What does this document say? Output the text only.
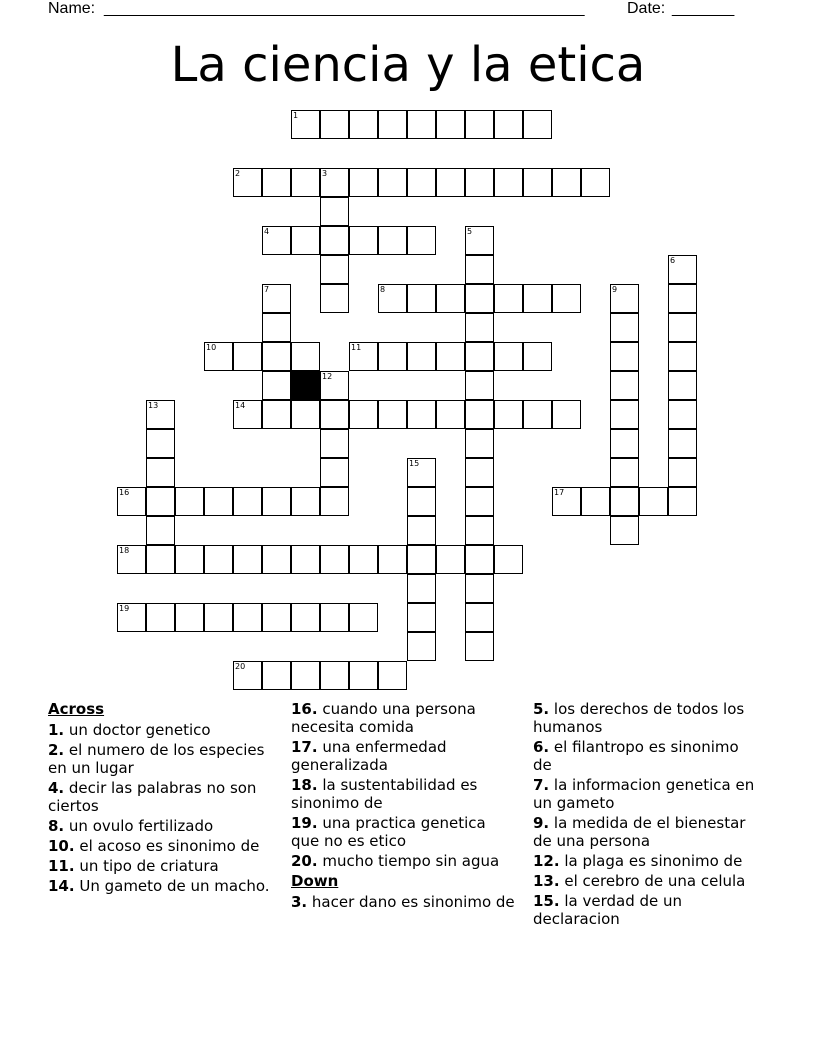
Name: ______________________________________________________	Date: _______
La ciencia y la etica
1
2	3
4
8
10	11
14
16	17
18
19
20
5
6
7	9
12
13
15
Across
1. un doctor genetico
2. el numero de los especies en un lugar
4. decir las palabras no son ciertos
8. un ovulo fertilizado
10. el acoso es sinonimo de
11. un tipo de criatura
14. Un gameto de un macho.
16. cuando una persona necesita comida
17. una enfermedad generalizada
18. la sustentabilidad es sinonimo de
19. una practica genetica que no es etico
20. mucho tiempo sin agua
Down
3. hacer dano es sinonimo de
5. los derechos de todos los humanos
6. el filantropo es sinonimo de
7. la informacion genetica en un gameto
9. la medida de el bienestar de una persona
12. la plaga es sinonimo de
13. el cerebro de una celula
15. la verdad de un declaracion
